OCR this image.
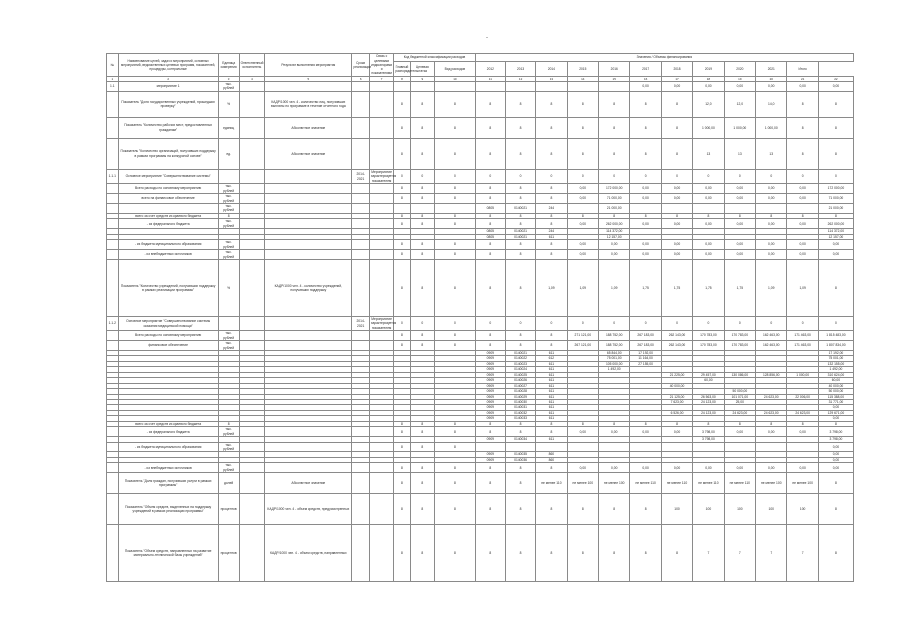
-
№	Наименование целей, задач и мероприятий, основных мероприятий, ведомственных целевых программ, показателей, процедуры, контрольные	Единица измерения	Ответственный исполнитель	Результат выполнения мероприятия	Сроки реализации	Связь с целевыми индикаторами и показателями	Код бюджетной классификации расходов			Значения / Объемы финансирования											
							Главный распорядитель	Целевая статья	Вид расходов	2012	2013	2014	2015	2016	2017	2018	2019	2020	2021	Итого	
1	2	3	4	5	6	7	8	9	10	11	12	13	14	15	16	17	18	19	20	21	22
1.1	мероприятие 1	тыс. рублей													0,00	0,00	0,00	0,00	0,00	0,00	0,00
	Показатель "Доля государственных учреждений, прошедших проверку"	%		КАДР/1000 чел. 4 - количество лиц, получивших выплаты по программе в течение отчетного года			8	8	8	8	8	8	8	8	8	8	12,0	12,0	14,0	8	8
	Показатель "Количество рабочих мест, предоставленных гражданам"	единиц		Абсолютное значение			8	8	8	8	8	8	8	8	8	8	1 000,00	1 000,00	1 000,00	8	8
	Показатель "Количество организаций, получивших поддержку в рамках программы на конкурсной основе"	ед.		Абсолютное значение			8	8	8	8	8	8	8	8	8	8	13	13	13	8	8
1.1.1	Основное мероприятие "Совершенствование системы"				2014-2021	Мероприятие характеризуется показателем	0	0	0	0	0	0	0	0	0	0	0	0	0	0	0
	Всего расходы по основному мероприятию	тыс. рублей					8	8	8	8	8	8	0,00	172 000,00	0,00	0,00	0,00	0,00	0,00	0,00	172 000,00
	всего на финансовое обеспечение	тыс. рублей					8	8	8	8	8	8	0,00	71 000,00	0,00	0,00	0,00	0,00	0,00	0,00	71 000,00
		тыс. рублей								0805	0140021	244		21 000,00							21 000,00
	всего за счет средств из краевого бюджета	8					8	8	8	8	8	8	8	8	8	8	8	8	8	8	8
	- из федерального бюджета	тыс. рублей					8	8	8	8	8	8	0,00	262 000,00	0,00	0,00	0,00	0,00	0,00	0,00	262 000,00
										0805	0140021	244		114 372,00							114 372,00
										0805	0140021	611		12 157,00							12 157,00
	- из бюджета муниципального образования	тыс. рублей					8	8	8	8	8	8	0,00	0,00	0,00	0,00	0,00	0,00	0,00	0,00	0,00
	- из внебюджетных источников	тыс. рублей					8	8	8	8	8	8	0,00	0,00	0,00	0,00	0,00	0,00	0,00	0,00	0,00
	Показатель "Количество учреждений, получивших поддержку в рамках реализации программы"	%		КАДР/1000 чел. 4 - количество учреждений, получивших поддержку			8	8	8	8	8	1,09	1,09	1,09	1,75	1,75	1,75	1,75	1,09	1,09	8
1.1.2	Основное мероприятие "Совершенствование системы оказания медицинской помощи"				2014-2021	Мероприятие характеризуется показателем	0	0	0	0	0	0	0	0	0	0	0	0	0	0	0
	Всего расходы по основному мероприятию	тыс. рублей					8	8	8	8	8	8	271 121,00	188 752,00	267 183,00	262 143,00	170 783,00	170 783,00	162 463,00	171 463,00	1 815 483,00
	финансовое обеспечение	тыс. рублей					8	8	8	8	8	8	267 121,00	188 752,00	267 183,00	262 143,00	170 783,00	170 783,00	162 463,00	171 463,00	1 807 834,00
										0909	0140021	611		65 844,00	17 192,00						17 192,00
										0909	0140022	612		75 001,00	11 164,00						75 001,00
										0909	0140023	611		105 000,00	27 155,00						132 155,00
										0909	0140024	611		1 492,00							1 492,00
										0909	0140025	611				21 225,00	29 457,00	130 086,00	128 856,00	1 000,00	310 624,00
										0909	0140026	611					60,00				60,00
										0909	0140027	611				40 000,00					40 000,00
										0909	0140028	611						50 000,00			50 000,00
										0909	0140029	611				21 125,00	26 563,00	101 071,00	24 623,00	22 006,00	115 388,00
										0909	0140030	611				7 623,00	24 123,00	25,00			31 771,00
										0909	0140031	611									0,00
										0909	0140032	611				6 526,00	24 123,00	24 623,00	24 623,00	24 623,00	129 671,00
										0909	0140033	611									0,00
	всего за счет средств из краевого бюджета	8					8	8	8	8	8	8	8	8	8	8	8	8	8	8	8
	- из федерального бюджета	тыс. рублей					8	8	8	8	8	8	0,00	0,00	0,00	0,00	3 798,00	0,00	0,00	0,00	3 798,00
										0909	0140034	611					3 798,00				3 798,00
	- из бюджета муниципального образования	тыс. рублей					8	8	8												0,00
										0909	0140035	860									0,00
										0909	0140036	860									0,00
	- из внебюджетных источников	тыс. рублей					8	8	8	8	8	8	0,00	0,00	0,00	0,00	0,00	0,00	0,00	0,00	0,00
	Показатель "Доля граждан, получивших услуги в рамках программы"	долей		Абсолютное значение			8	8	8	8	8	не менее 110	не менее 100	не менее 100	не менее 110	не менее 110	не менее 110	не менее 110	не менее 100	не менее 100	8
	Показатель "Объем средств, выделенных на поддержку учреждений в рамках реализации программы"	процентов		КАДР/1000 чел. 4 - объем средств, предусмотренных			8	8	8	8	8	8	8	8	8	100	100	100	100	100	8
	Показатель "Объем средств, направленных на развитие материально-технической базы учреждений"	процентов		КАДР/1000 чел. 4 - объем средств, направленных			8	8	8	8	8	8	8	8	8	8	7	7	7	7	8
